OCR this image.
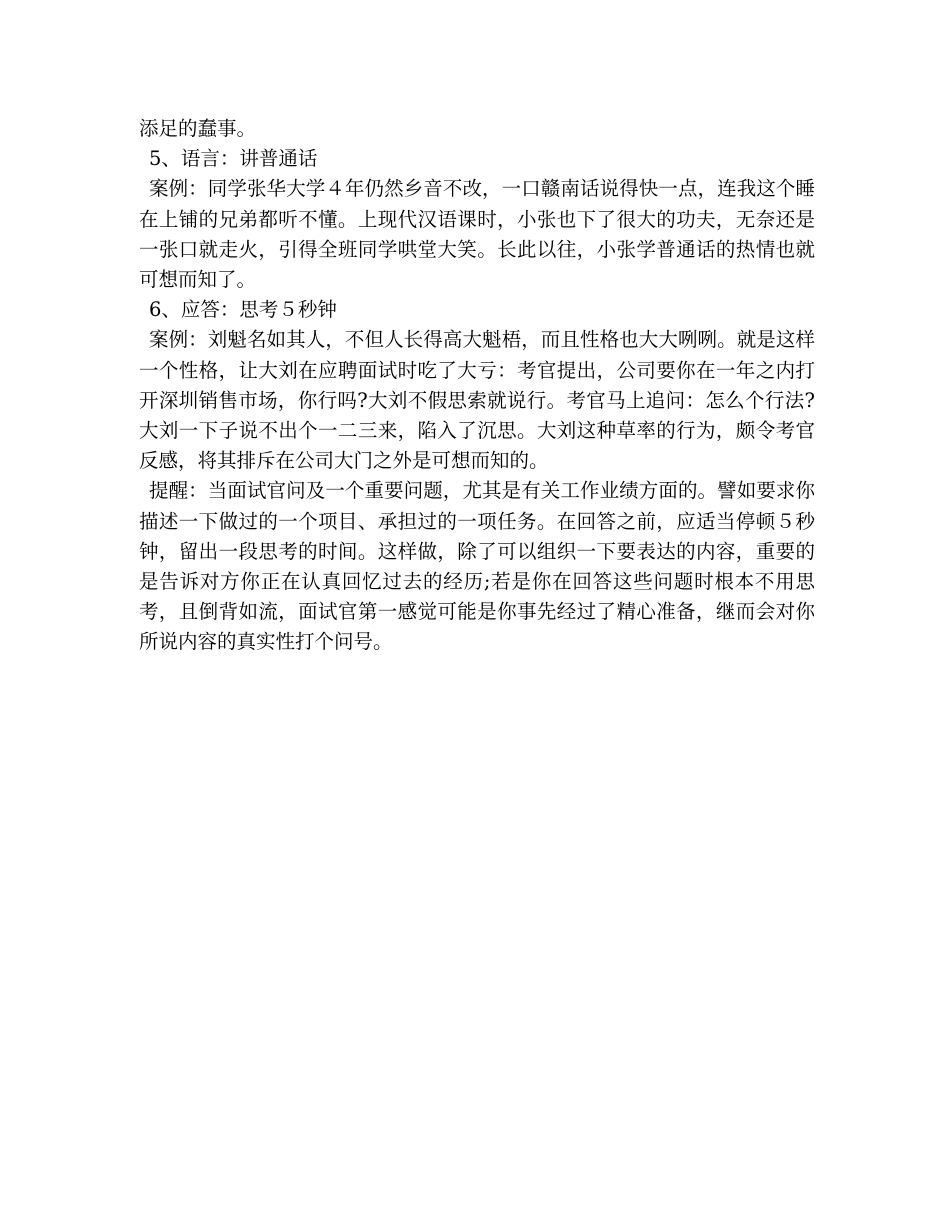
添足的蠢事。

5、语言：讲普通话

案例：同学张华大学４年仍然乡音不改，一口赣南话说得快一点，连我这个睡在上铺的兄弟都听不懂。上现代汉语课时，小张也下了很大的功夫，无奈还是一张口就走火，引得全班同学哄堂大笑。长此以往，小张学普通话的热情也就可想而知了。

6、应答：思考５秒钟

案例：刘魁名如其人，不但人长得高大魁梧，而且性格也大大咧咧。就是这样一个性格，让大刘在应聘面试时吃了大亏：考官提出，公司要你在一年之内打开深圳销售市场，你行吗?大刘不假思索就说行。考官马上追问：怎么个行法?大刘一下子说不出个一二三来，陷入了沉思。大刘这种草率的行为，颇令考官反感，将其排斥在公司大门之外是可想而知的。

提醒：当面试官问及一个重要问题，尤其是有关工作业绩方面的。譬如要求你描述一下做过的一个项目、承担过的一项任务。在回答之前，应适当停顿５秒钟，留出一段思考的时间。这样做，除了可以组织一下要表达的内容，重要的是告诉对方你正在认真回忆过去的经历;若是你在回答这些问题时根本不用思考，且倒背如流，面试官第一感觉可能是你事先经过了精心准备，继而会对你所说内容的真实性打个问号。
